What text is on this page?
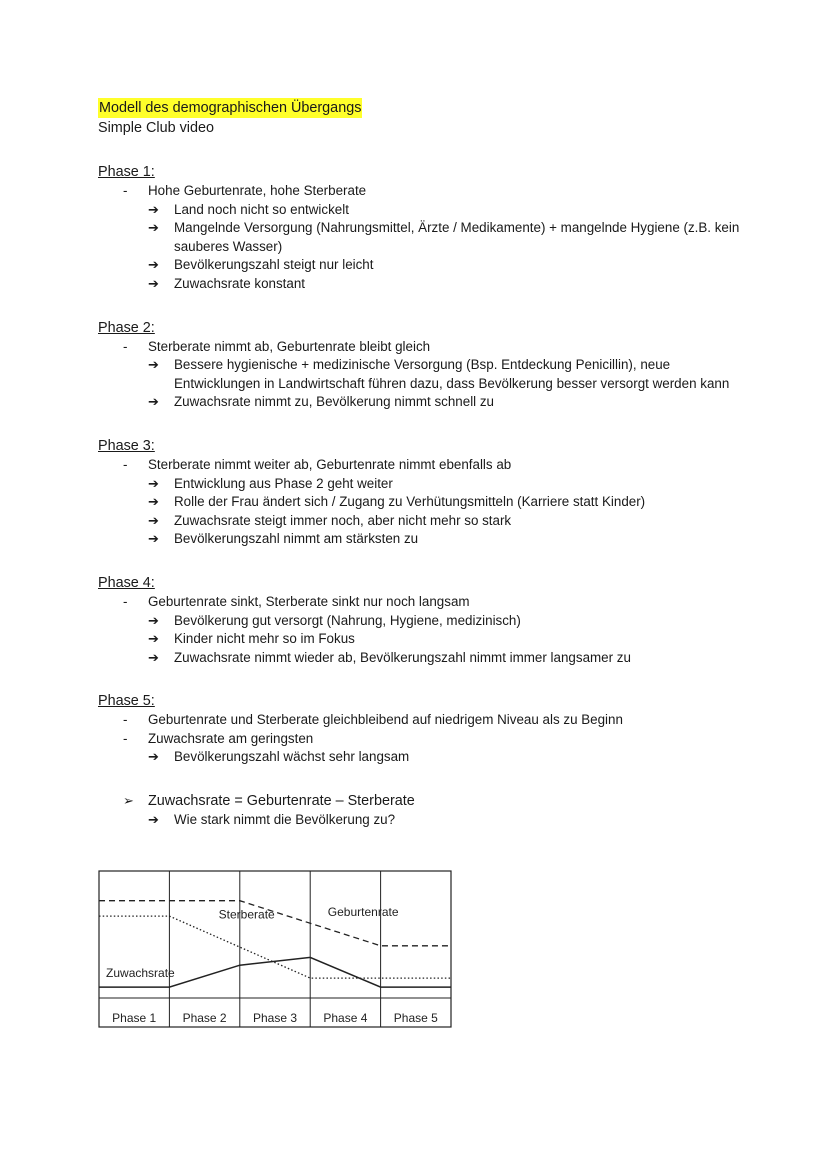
Modell des demographischen Übergangs
Simple Club video
Phase 1:
- Hohe Geburtenrate, hohe Sterberate
➔ Land noch nicht so entwickelt
➔ Mangelnde Versorgung (Nahrungsmittel, Ärzte / Medikamente) + mangelnde Hygiene (z.B. kein sauberes Wasser)
➔ Bevölkerungszahl steigt nur leicht
➔ Zuwachsrate konstant
Phase 2:
- Sterberate nimmt ab, Geburtenrate bleibt gleich
➔ Bessere hygienische + medizinische Versorgung (Bsp. Entdeckung Penicillin), neue Entwicklungen in Landwirtschaft führen dazu, dass Bevölkerung besser versorgt werden kann
➔ Zuwachsrate nimmt zu, Bevölkerung nimmt schnell zu
Phase 3:
- Sterberate nimmt weiter ab, Geburtenrate nimmt ebenfalls ab
➔ Entwicklung aus Phase 2 geht weiter
➔ Rolle der Frau ändert sich / Zugang zu Verhütungsmitteln (Karriere statt Kinder)
➔ Zuwachsrate steigt immer noch, aber nicht mehr so stark
➔ Bevölkerungszahl nimmt am stärksten zu
Phase 4:
- Geburtenrate sinkt, Sterberate sinkt nur noch langsam
➔ Bevölkerung gut versorgt (Nahrung, Hygiene, medizinisch)
➔ Kinder nicht mehr so im Fokus
➔ Zuwachsrate nimmt wieder ab, Bevölkerungszahl nimmt immer langsamer zu
Phase 5:
- Geburtenrate und Sterberate gleichbleibend auf niedrigem Niveau als zu Beginn
- Zuwachsrate am geringsten
➔ Bevölkerungszahl wächst sehr langsam
➢ Zuwachsrate = Geburtenrate – Sterberate
➔ Wie stark nimmt die Bevölkerung zu?
Phase 1 Phase 2 Phase 3 Phase 4 Phase 5
Sterberate	Geburtenrate
Zuwachsrate
